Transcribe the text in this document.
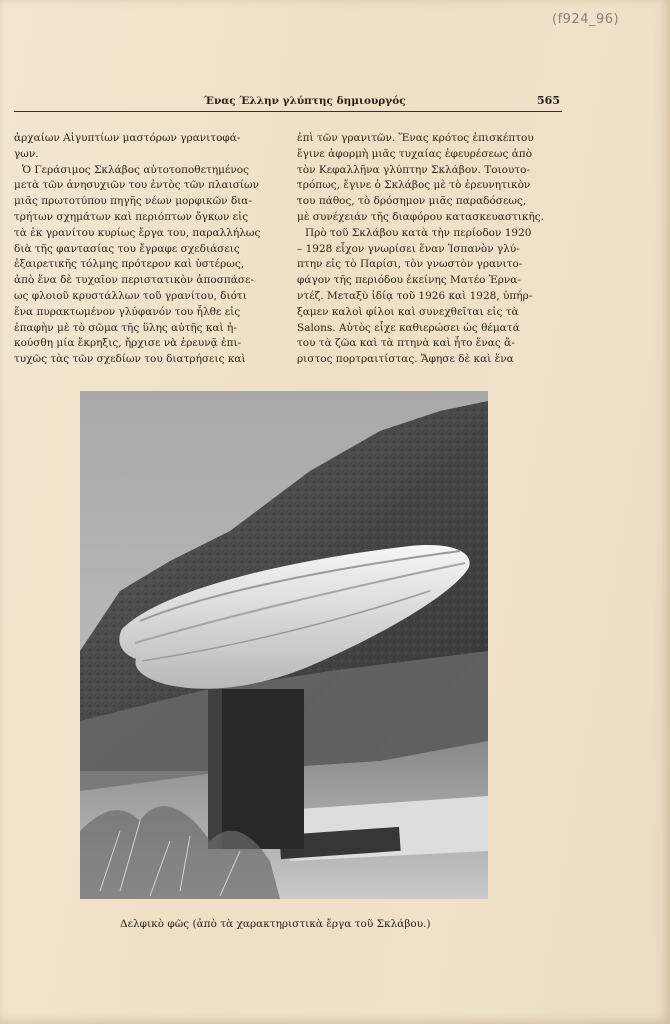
(f924_96)
Ένας Έλλην γλύπτης δημιουργός	565
ἀρχαίων Αἰγυπτίων μαστόρων γρανιτοφά-
γων.
Ὁ Γεράσιμος Σκλάβος αὐτοτοποθετημένος
μετὰ τῶν ἀνησυχιῶν του ἐντὸς τῶν πλαισίων
μιᾶς πρωτοτύπου πηγῆς νέων μορφικῶν δια-
τρήτων σχημάτων καὶ περιόπτων ὄγκων εἰς
τὰ ἐκ γρανίτου κυρίως ἔργα του, παραλλήλως
διὰ τῆς φαντασίας του ἔγραφε σχεδιάσεις
ἐξαιρετικῆς τόλμης πρότερον καὶ ὑστέρως,
ἀπὸ ἕνα δὲ τυχαῖον περιστατικὸν ἀποσπάσε-
ως φλοιοῦ κρυστάλλων τοῦ γρανίτου, διότι
ἕνα πυρακτωμένον γλύφανόν του ἦλθε εἰς
ἐπαφὴν μὲ τὸ σῶμα τῆς ὕλης αὐτῆς καὶ ἠ-
κούσθη μία ἔκρηξις, ἤρχισε νὰ ἐρευνᾷ ἐπι-
τυχῶς τὰς τῶν σχεδίων του διατρήσεις καὶ
ἐπὶ τῶν γρανιτῶν. Ἕνας κρότος ἐπισκέπτου
ἔγινε ἀφορμὴ μιᾶς τυχαίας ἐφευρέσεως ἀπὸ
τὸν Κεφαλλῆνα γλύπτην Σκλάβον. Τοιουτο-
τρόπως, ἔγινε ὁ Σκλάβος μὲ τὸ ἐρευνητικὸν
του πάθος, τὸ δρόσημον μιᾶς παραδόσεως,
μὲ συνέχειάν τῆς διαφόρου κατασκευαστικῆς.
Πρὸ τοῦ Σκλάβου κατὰ τὴν περίοδον 1920
– 1928 εἶχον γνωρίσει ἕναν Ἱσπανὸν γλύ-
πτην εἰς τὸ Παρίσι, τὸν γνωστὸν γρανιτο-
φάγον τῆς περιόδου ἐκείνης Ματέο Ἐρνα-
ντέζ. Μεταξὺ ἰδίᾳ τοῦ 1926 καὶ 1928, ὑπήρ-
ξαμεν καλοὶ φίλοι καὶ συνεχθεῖται εἰς τὰ
Salons. Αὐτὸς εἶχε καθιερώσει ὡς θέματά
του τὰ ζῶα καὶ τὰ πτηνὰ καὶ ἦτο ἕνας ἄ-
ριστος πορτραιτίστας. Ἄφησε δὲ καὶ ἕνα
Δελφικὸ φῶς (ἀπὸ τὰ χαρακτηριστικὰ ἔργα τοῦ Σκλάβου.)
